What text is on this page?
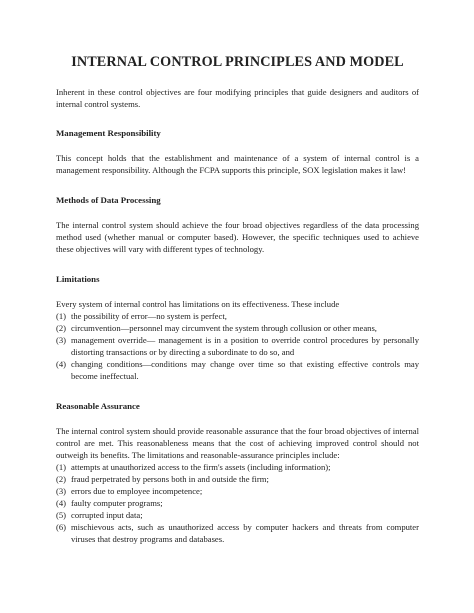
INTERNAL CONTROL PRINCIPLES AND MODEL

Inherent in these control objectives are four modifying principles that guide designers and auditors of internal control systems.

Management Responsibility

This concept holds that the establishment and maintenance of a system of internal control is a management responsibility. Although the FCPA supports this principle, SOX legislation makes it law!

Methods of Data Processing

The internal control system should achieve the four broad objectives regardless of the data processing method used (whether manual or computer based). However, the specific techniques used to achieve these objectives will vary with different types of technology.

Limitations

Every system of internal control has limitations on its effectiveness. These include

(1) the possibility of error—no system is perfect,
(2) circumvention—personnel may circumvent the system through collusion or other means,
(3) management override— management is in a position to override control procedures by personally distorting transactions or by directing a subordinate to do so, and
(4) changing conditions—conditions may change over time so that existing effective controls may become ineffectual.
Reasonable Assurance

The internal control system should provide reasonable assurance that the four broad objectives of internal control are met. This reasonableness means that the cost of achieving improved control should not outweigh its benefits. The limitations and reasonable-assurance principles include:

(1) attempts at unauthorized access to the firm's assets (including information);
(2) fraud perpetrated by persons both in and outside the firm;
(3) errors due to employee incompetence;
(4) faulty computer programs;
(5) corrupted input data;
(6) mischievous acts, such as unauthorized access by computer hackers and threats from computer viruses that destroy programs and databases.
